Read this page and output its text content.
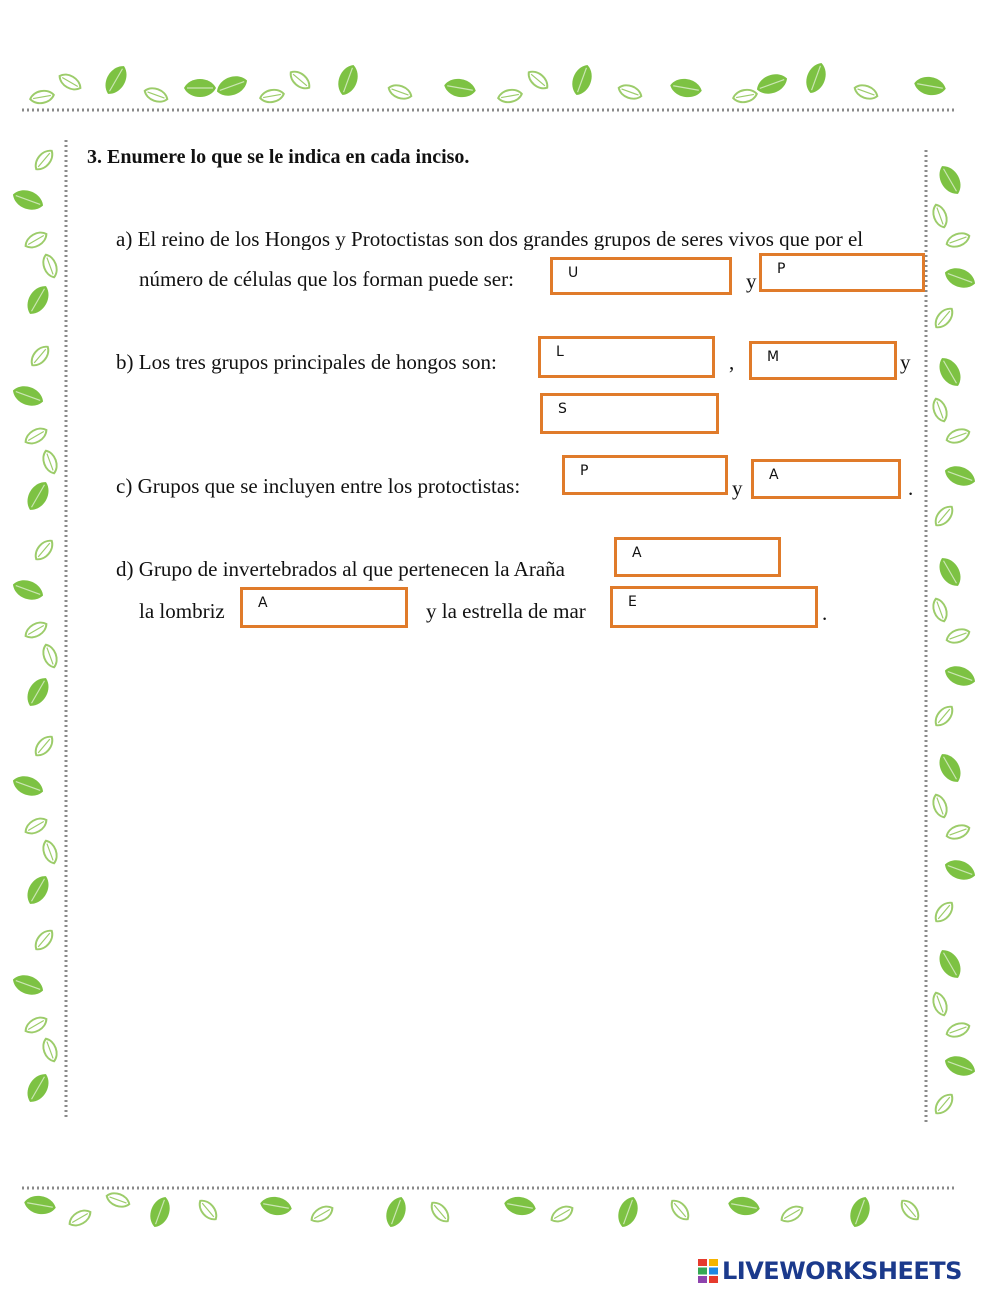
3. Enumere lo que se le indica en cada inciso.
a) El reino de los Hongos y Protoctistas son dos grandes grupos de seres vivos que por el
número de células que los forman puede ser:	U	y	P
b) Los tres grupos principales de hongos son:	L	,	M	y
S
c) Grupos que se incluyen entre los protoctistas:
P
y
A
.
d) Grupo de invertebrados al que pertenecen la Araña
A
la lombriz	A	y la estrella de mar	E	.
LIVEWORKSHEETS
